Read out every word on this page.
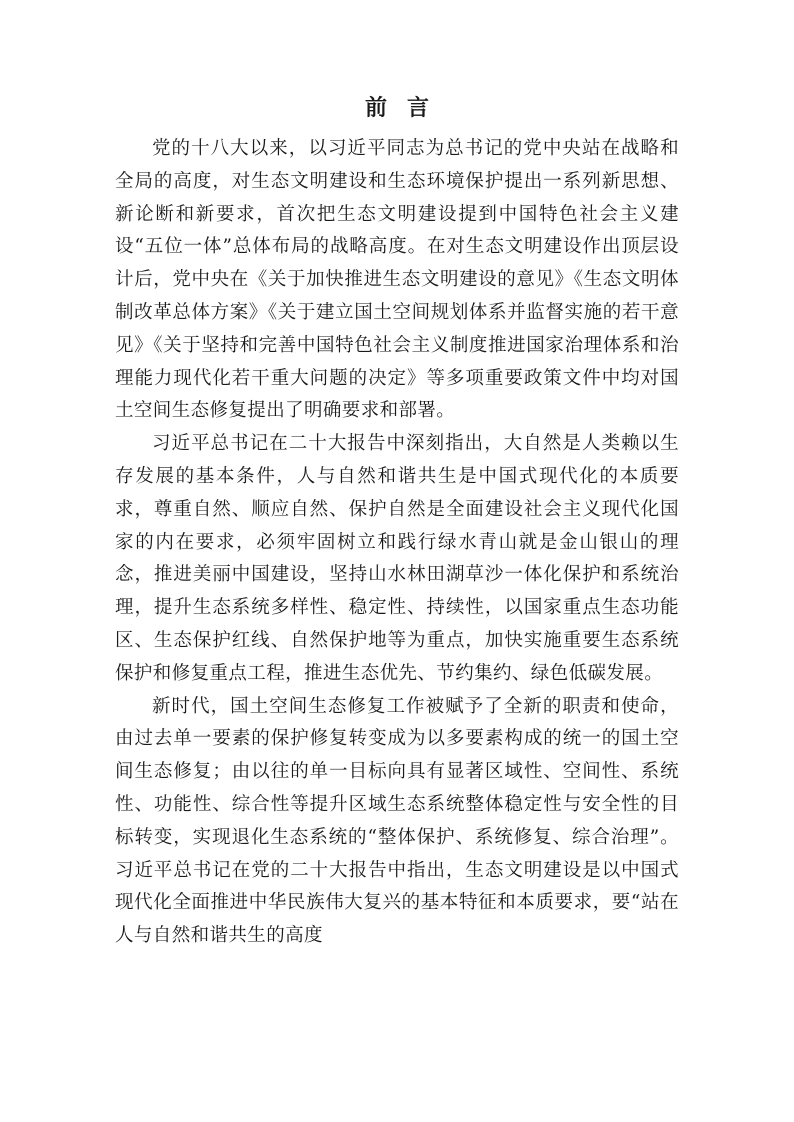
前言

党的十八大以来，以习近平同志为总书记的党中央站在战略和全局的高度，对生态文明建设和生态环境保护提出一系列新思想、新论断和新要求，首次把生态文明建设提到中国特色社会主义建设“五位一体”总体布局的战略高度。在对生态文明建设作出顶层设计后，党中央在《关于加快推进生态文明建设的意见》《生态文明体制改革总体方案》《关于建立国土空间规划体系并监督实施的若干意见》《关于坚持和完善中国特色社会主义制度推进国家治理体系和治理能力现代化若干重大问题的决定》等多项重要政策文件中均对国土空间生态修复提出了明确要求和部署。

习近平总书记在二十大报告中深刻指出，大自然是人类赖以生存发展的基本条件，人与自然和谐共生是中国式现代化的本质要求，尊重自然、顺应自然、保护自然是全面建设社会主义现代化国家的内在要求，必须牢固树立和践行绿水青山就是金山银山的理念，推进美丽中国建设，坚持山水林田湖草沙一体化保护和系统治理，提升生态系统多样性、稳定性、持续性，以国家重点生态功能区、生态保护红线、自然保护地等为重点，加快实施重要生态系统保护和修复重点工程，推进生态优先、节约集约、绿色低碳发展。

新时代，国土空间生态修复工作被赋予了全新的职责和使命，由过去单一要素的保护修复转变成为以多要素构成的统一的国土空间生态修复；由以往的单一目标向具有显著区域性、空间性、系统性、功能性、综合性等提升区域生态系统整体稳定性与安全性的目标转变，实现退化生态系统的“整体保护、系统修复、综合治理”。习近平总书记在党的二十大报告中指出，生态文明建设是以中国式现代化全面推进中华民族伟大复兴的基本特征和本质要求，要“站在人与自然和谐共生的高度
